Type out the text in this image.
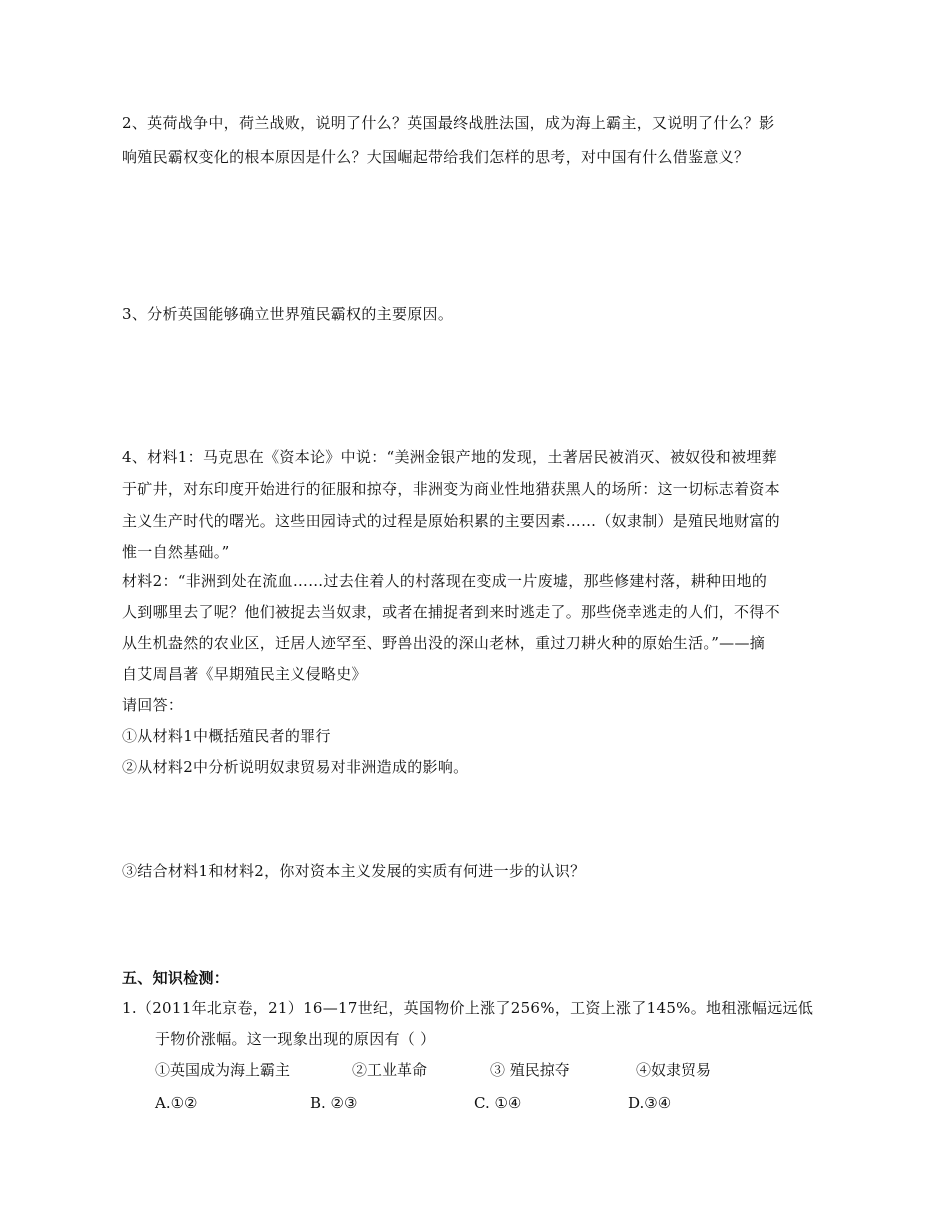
2、英荷战争中，荷兰战败，说明了什么？英国最终战胜法国，成为海上霸主，又说明了什么？影
响殖民霸权变化的根本原因是什么？大国崛起带给我们怎样的思考，对中国有什么借鉴意义？
3、分析英国能够确立世界殖民霸权的主要原因。
4、材料1：马克思在《资本论》中说：“美洲金银产地的发现，土著居民被消灭、被奴役和被埋葬
于矿井，对东印度开始进行的征服和掠夺，非洲变为商业性地猎获黑人的场所：这一切标志着资本
主义生产时代的曙光。这些田园诗式的过程是原始积累的主要因素……（奴隶制）是殖民地财富的
惟一自然基础。”
材料2：“非洲到处在流血……过去住着人的村落现在变成一片废墟，那些修建村落，耕种田地的
人到哪里去了呢？他们被捉去当奴隶，或者在捕捉者到来时逃走了。那些侥幸逃走的人们，不得不
从生机盎然的农业区，迁居人迹罕至、野兽出没的深山老林，重过刀耕火种的原始生活。”——摘
自艾周昌著《早期殖民主义侵略史》
请回答：
①从材料1中概括殖民者的罪行
②从材料2中分析说明奴隶贸易对非洲造成的影响。
③结合材料1和材料2，你对资本主义发展的实质有何进一步的认识？
五、知识检测：
1.（2011年北京卷，21）16—17世纪，英国物价上涨了256%，工资上涨了145%。地租涨幅远远低
于物价涨幅。这一现象出现的原因有（ ）
①英国成为海上霸主	②工业革命	③ 殖民掠夺	④奴隶贸易
A.①②	B. ②③	C. ①④	D.③④
